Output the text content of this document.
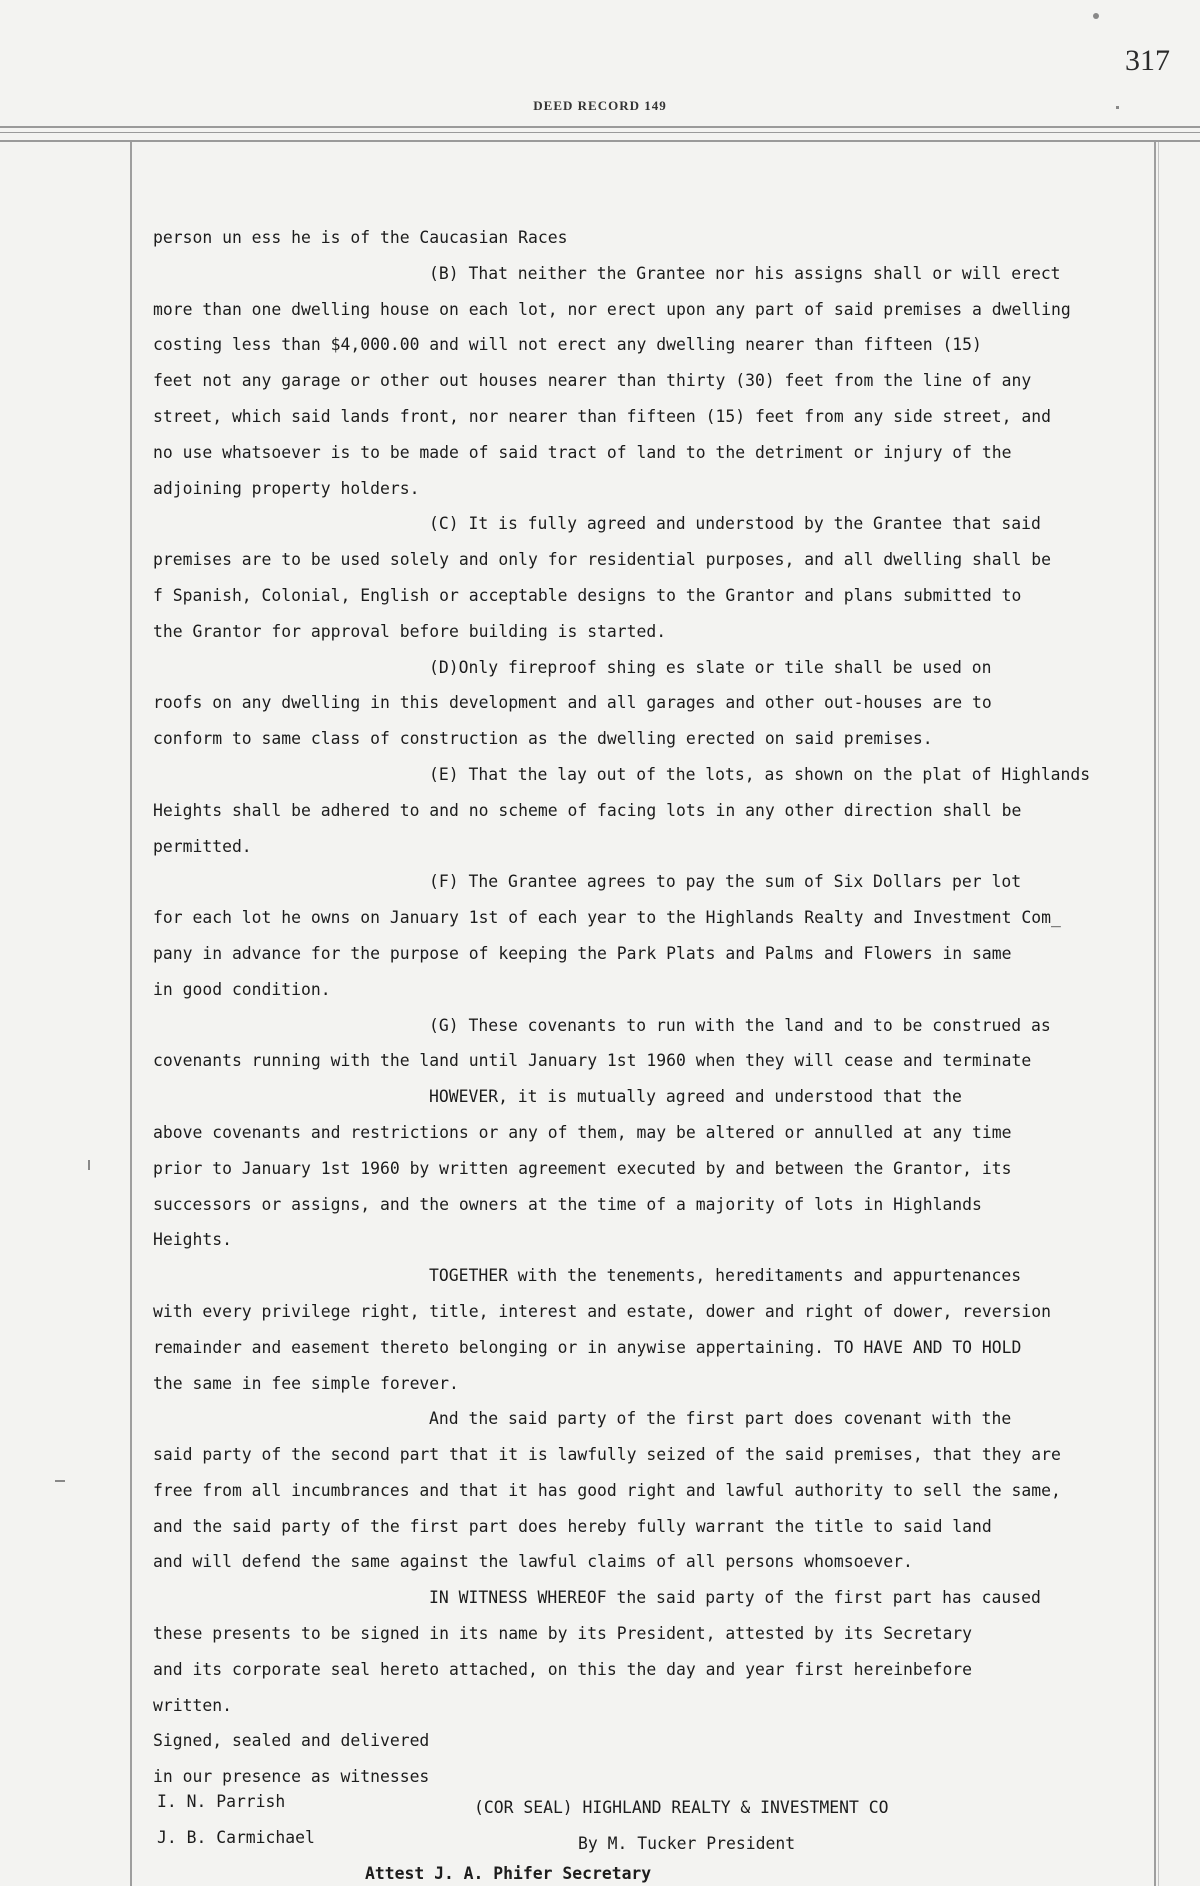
317
DEED RECORD 149

person un ess he is of the Caucasian Races

(B) That neither the Grantee nor his assigns shall or will erect

more than one dwelling house on each lot, nor erect upon any part of said premises a dwelling

costing less than $4,000.00 and will not erect any dwelling nearer than fifteen (15)

feet not any garage or other out houses nearer than thirty (30) feet from the line of any

street, which said lands front, nor nearer than fifteen (15) feet from any side street, and

no use whatsoever is to be made of said tract of land to the detriment or injury of the

adjoining property holders.

(C) It is fully agreed and understood by the Grantee that said

premises are to be used solely and only for residential purposes, and all dwelling shall be

f Spanish, Colonial, English or acceptable designs to the Grantor and plans submitted to

the Grantor for approval before building is started.

(D)Only fireproof shing es slate or tile shall be used on

roofs on any dwelling in this development and all garages and other out-houses are to

conform to same class of construction as the dwelling erected on said premises.

(E) That the lay out of the lots, as shown on the plat of Highlands

Heights shall be adhered to and no scheme of facing lots in any other direction shall be

permitted.

(F) The Grantee agrees to pay the sum of Six Dollars per lot

for each lot he owns on January 1st of each year to the Highlands Realty and Investment Com_

pany in advance for the purpose of keeping the Park Plats and Palms and Flowers in same

in good condition.

(G) These covenants to run with the land and to be construed as

covenants running with the land until January 1st 1960 when they will cease and terminate

HOWEVER, it is mutually agreed and understood that the

above covenants and restrictions or any of them, may be altered or annulled at any time

prior to January 1st 1960 by written agreement executed by and between the Grantor, its

successors or assigns, and the owners at the time of a majority of lots in Highlands

Heights.

TOGETHER with the tenements, hereditaments and appurtenances

with every privilege right, title, interest and estate, dower and right of dower, reversion

remainder and easement thereto belonging or in anywise appertaining. TO HAVE AND TO HOLD

the same in fee simple forever.

And the said party of the first part does covenant with the

said party of the second part that it is lawfully seized of the said premises, that they are

free from all incumbrances and that it has good right and lawful authority to sell the same,

and the said party of the first part does hereby fully warrant the title to said land

and will defend the same against the lawful claims of all persons whomsoever.

IN WITNESS WHEREOF the said party of the first part has caused

these presents to be signed in its name by its President, attested by its Secretary

and its corporate seal hereto attached, on this the day and year first hereinbefore

written.

Signed, sealed and delivered

in our presence as witnesses

I. N. Parrish
J. B. Carmichael
(COR SEAL) HIGHLAND REALTY & INVESTMENT CO
By M. Tucker President
Attest J. A. Phifer Secretary
